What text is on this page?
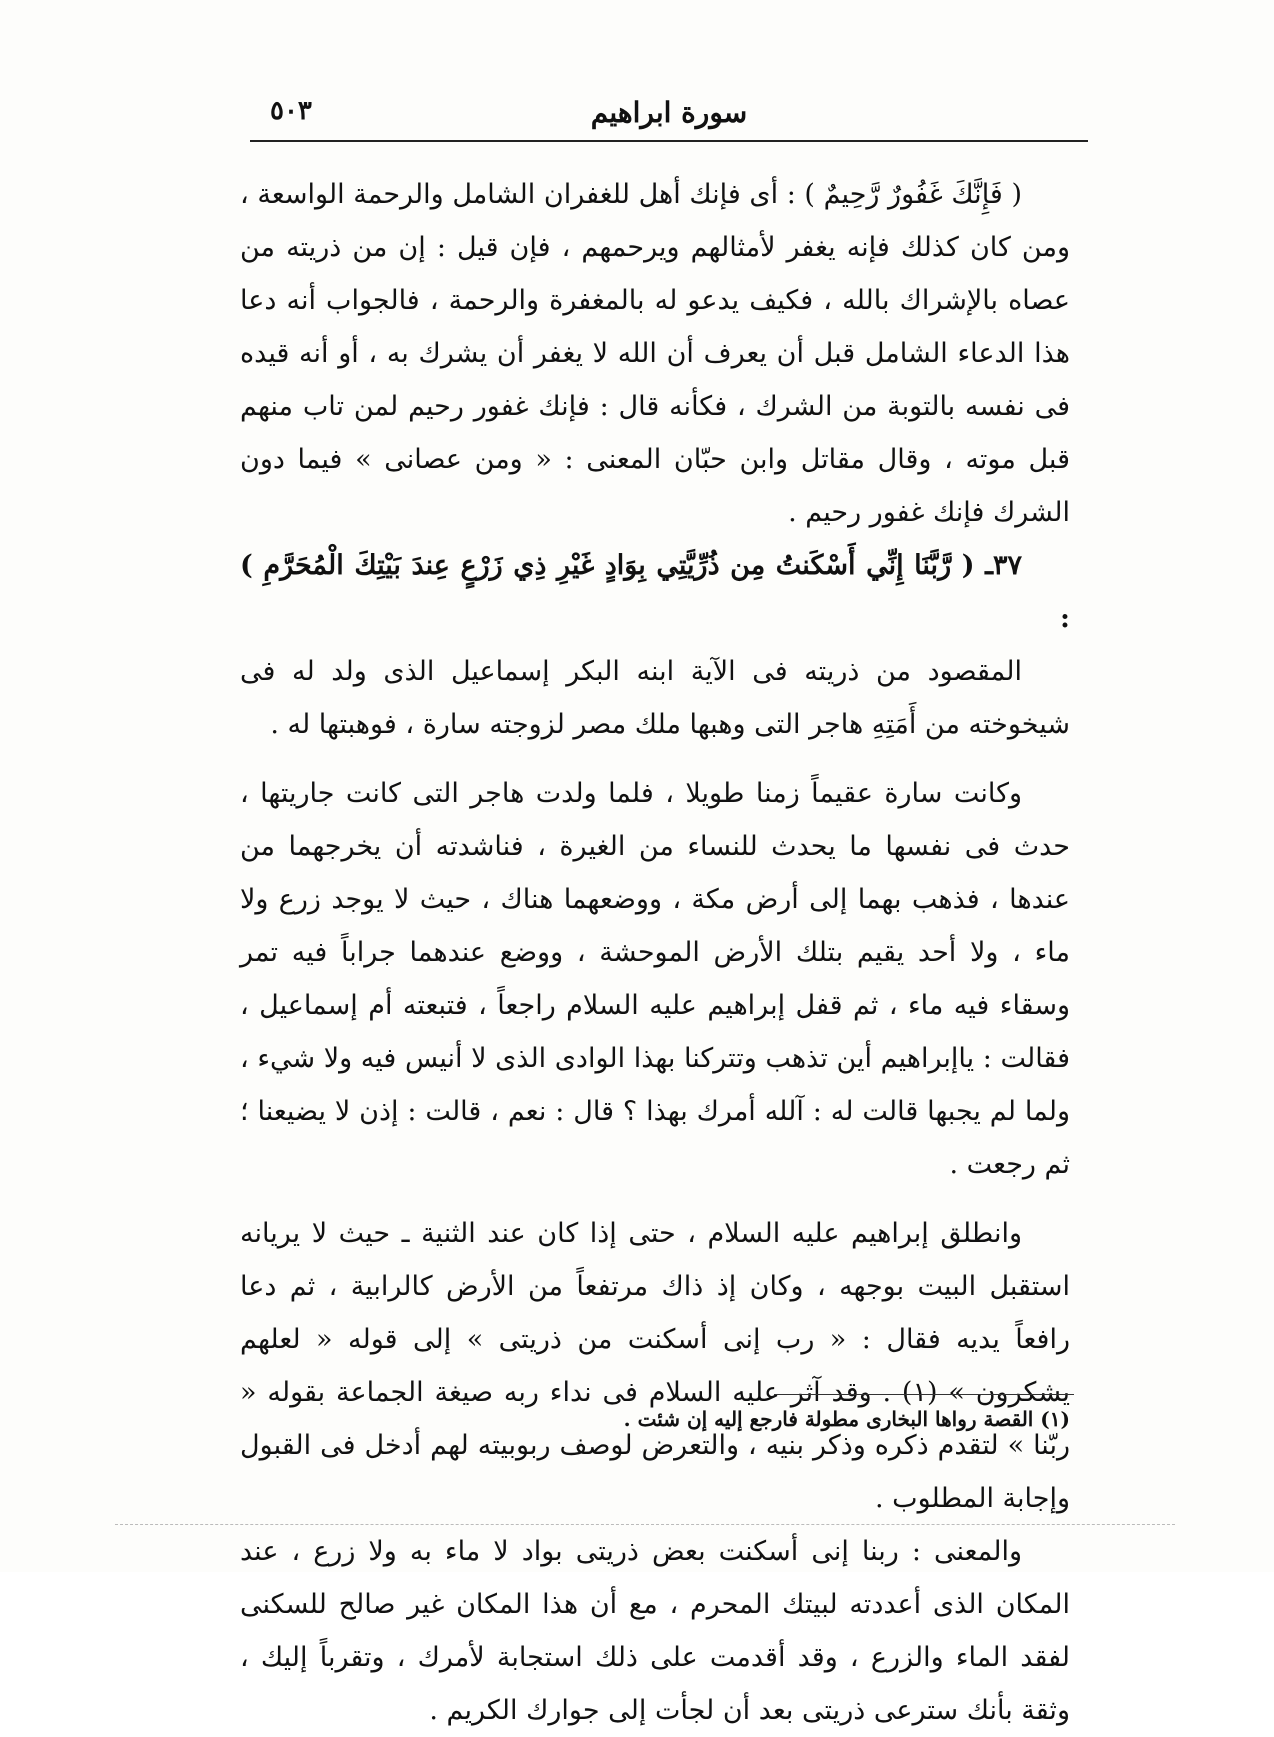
سورة ابراهيم
٥٠٣

( فَإِنَّكَ غَفُورٌ رَّحِيمٌ ) : أى فإنك أهل للغفران الشامل والرحمة الواسعة ، ومن كان كذلك فإنه يغفر لأمثالهم ويرحمهم ، فإن قيل : إن من ذريته من عصاه بالإشراك بالله ، فكيف يدعو له بالمغفرة والرحمة ، فالجواب أنه دعا هذا الدعاء الشامل قبل أن يعرف أن الله لا يغفر أن يشرك به ، أو أنه قيده فى نفسه بالتوبة من الشرك ، فكأنه قال : فإنك غفور رحيم لمن تاب منهم قبل موته ، وقال مقاتل وابن حبّان المعنى : « ومن عصانى » فيما دون الشرك فإنك غفور رحيم .

٣٧ـ ( رَّبَّنَا إِنِّي أَسْكَنتُ مِن ذُرِّيَّتِي بِوَادٍ غَيْرِ ذِي زَرْعٍ عِندَ بَيْتِكَ الْمُحَرَّمِ ) :

المقصود من ذريته فى الآية ابنه البكر إسماعيل الذى ولد له فى شيخوخته من أَمَتِهِ هاجر التى وهبها ملك مصر لزوجته سارة ، فوهبتها له .

وكانت سارة عقيماً زمنا طويلا ، فلما ولدت هاجر التى كانت جاريتها ، حدث فى نفسها ما يحدث للنساء من الغيرة ، فناشدته أن يخرجهما من عندها ، فذهب بهما إلى أرض مكة ، ووضعهما هناك ، حيث لا يوجد زرع ولا ماء ، ولا أحد يقيم بتلك الأرض الموحشة ، ووضع عندهما جراباً فيه تمر وسقاء فيه ماء ، ثم قفل إبراهيم عليه السلام راجعاً ، فتبعته أم إسماعيل ، فقالت : ياإبراهيم أين تذهب وتتركنا بهذا الوادى الذى لا أنيس فيه ولا شيء ، ولما لم يجبها قالت له : آلله أمرك بهذا ؟ قال : نعم ، قالت : إذن لا يضيعنا ؛ ثم رجعت .

وانطلق إبراهيم عليه السلام ، حتى إذا كان عند الثنية ـ حيث لا يريانه استقبل البيت بوجهه ، وكان إذ ذاك مرتفعاً من الأرض كالرابية ، ثم دعا رافعاً يديه فقال : « رب إنى أسكنت من ذريتى » إلى قوله « لعلهم يشكرون » (١) . وقد آثر عليه السلام فى نداء ربه صيغة الجماعة بقوله « ربّنا » لتقدم ذكره وذكر بنيه ، والتعرض لوصف ربوبيته لهم أدخل فى القبول وإجابة المطلوب .

والمعنى : ربنا إنى أسكنت بعض ذريتى بواد لا ماء به ولا زرع ، عند المكان الذى أعددته لبيتك المحرم ، مع أن هذا المكان غير صالح للسكنى لفقد الماء والزرع ، وقد أقدمت على ذلك استجابة لأمرك ، وتقرباً إليك ، وثقة بأنك سترعى ذريتى بعد أن لجأت إلى جوارك الكريم .

(١) القصة رواها البخارى مطولة فارجع إليه إن شئت .
